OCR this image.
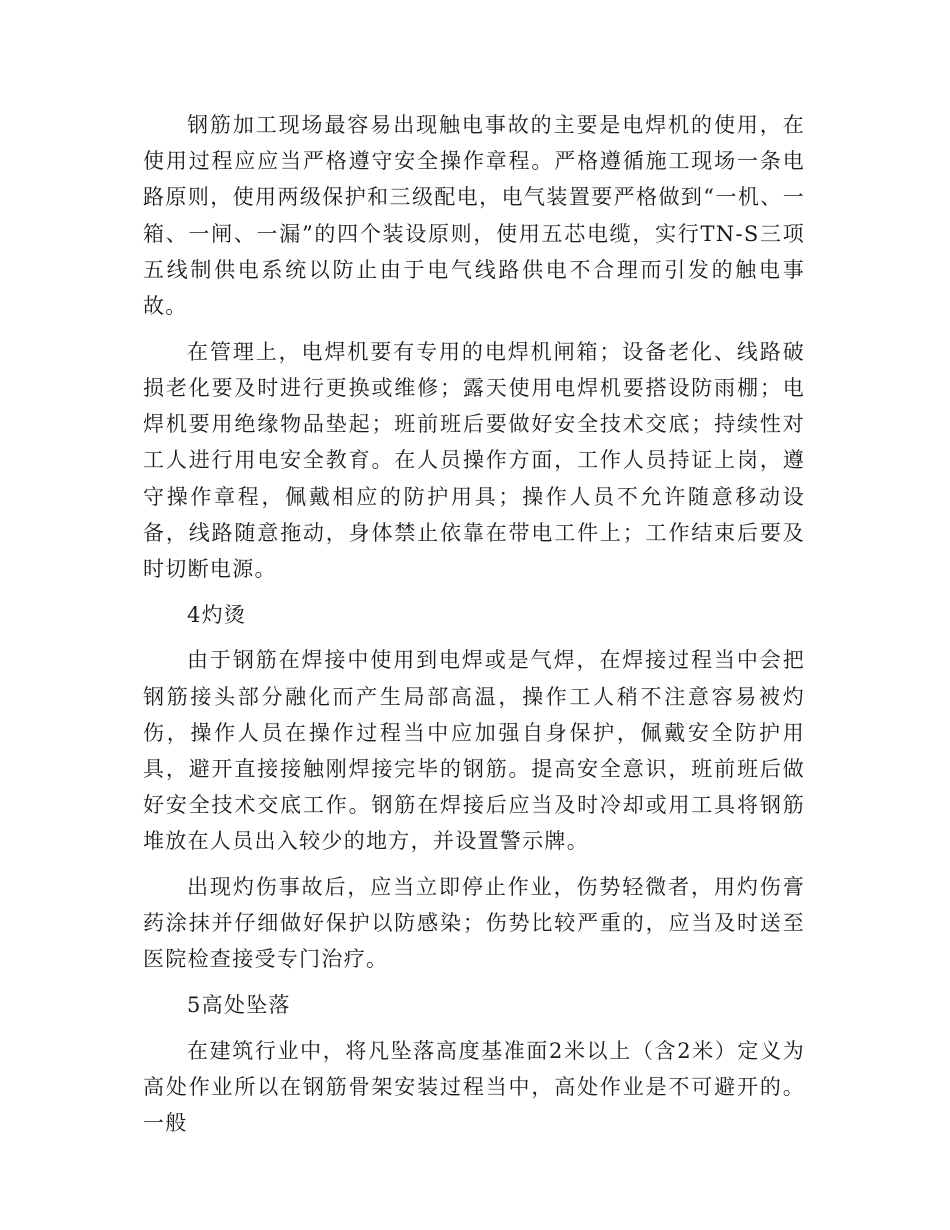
钢筋加工现场最容易出现触电事故的主要是电焊机的使用，在使用过程应应当严格遵守安全操作章程。严格遵循施工现场一条电路原则，使用两级保护和三级配电，电气装置要严格做到“一机、一箱、一闸、一漏”的四个装设原则，使用五芯电缆，实行TN-S三项五线制供电系统以防止由于电气线路供电不合理而引发的触电事故。

在管理上，电焊机要有专用的电焊机闸箱；设备老化、线路破损老化要及时进行更换或维修；露天使用电焊机要搭设防雨棚；电焊机要用绝缘物品垫起；班前班后要做好安全技术交底；持续性对工人进行用电安全教育。在人员操作方面，工作人员持证上岗，遵守操作章程，佩戴相应的防护用具；操作人员不允许随意移动设备，线路随意拖动，身体禁止依靠在带电工件上；工作结束后要及时切断电源。

4灼烫

由于钢筋在焊接中使用到电焊或是气焊，在焊接过程当中会把钢筋接头部分融化而产生局部高温，操作工人稍不注意容易被灼伤，操作人员在操作过程当中应加强自身保护，佩戴安全防护用具，避开直接接触刚焊接完毕的钢筋。提高安全意识，班前班后做好安全技术交底工作。钢筋在焊接后应当及时冷却或用工具将钢筋堆放在人员出入较少的地方，并设置警示牌。

出现灼伤事故后，应当立即停止作业，伤势轻微者，用灼伤膏药涂抹并仔细做好保护以防感染；伤势比较严重的，应当及时送至医院检查接受专门治疗。

5高处坠落

在建筑行业中，将凡坠落高度基准面2米以上（含2米）定义为高处作业所以在钢筋骨架安装过程当中，高处作业是不可避开的。一般
